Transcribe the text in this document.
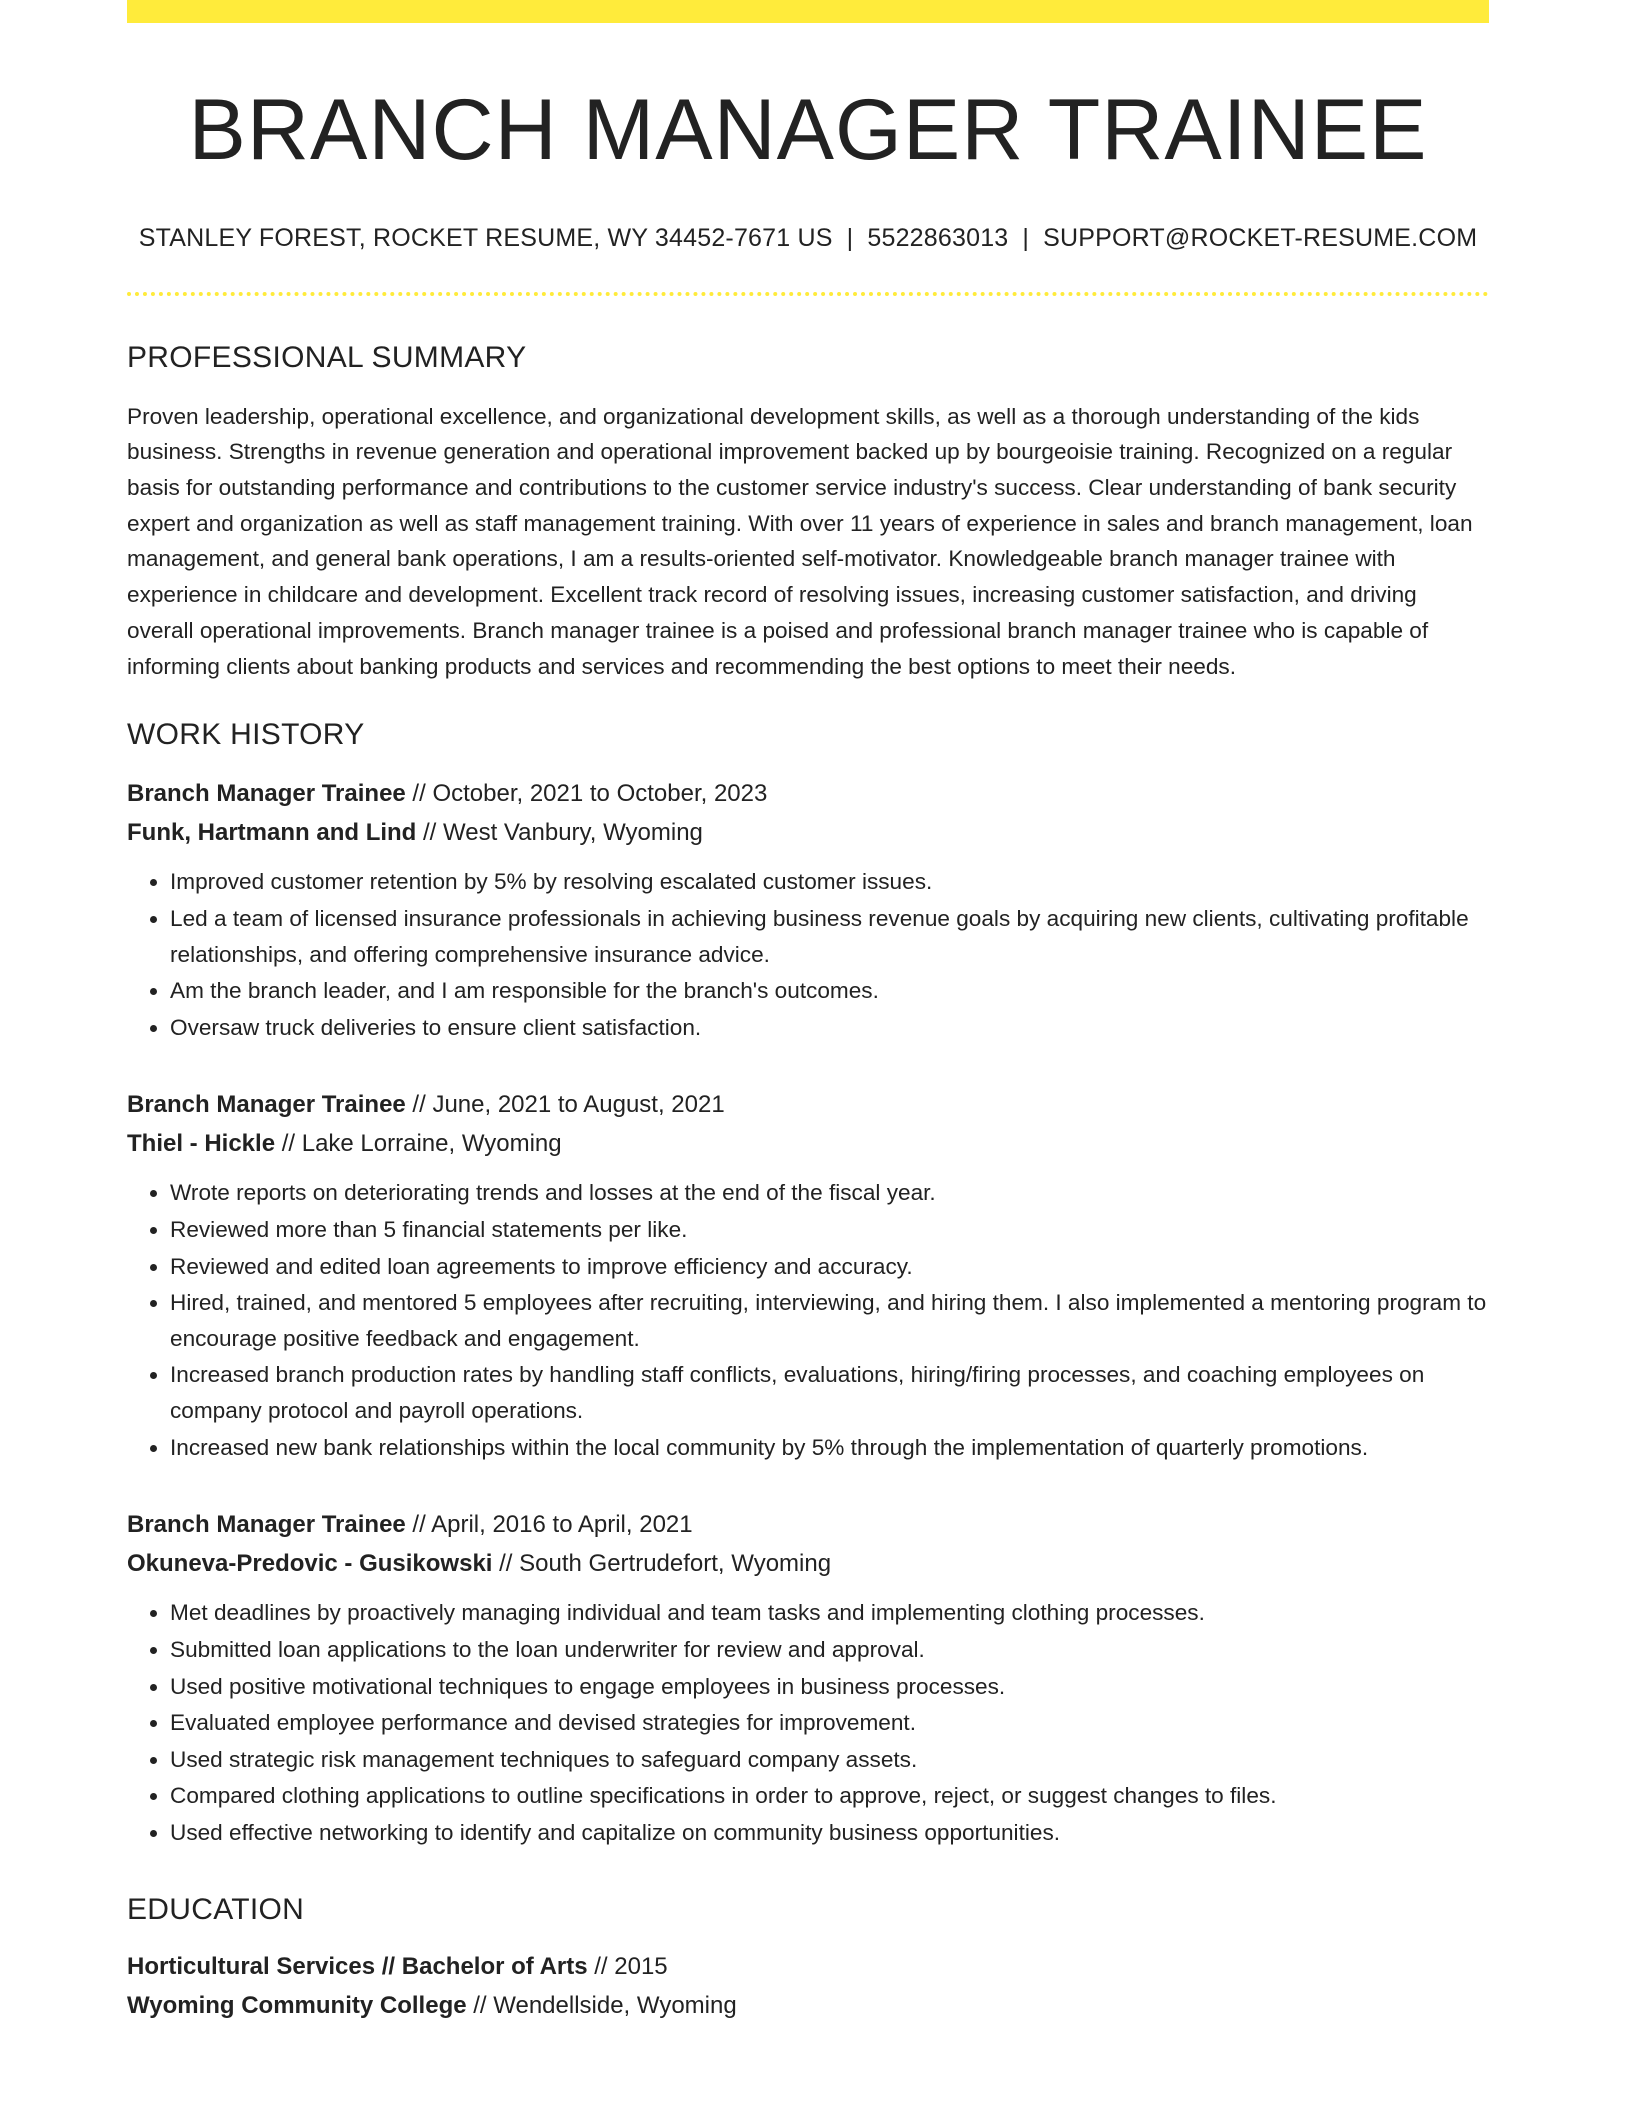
BRANCH MANAGER TRAINEE
STANLEY FOREST, ROCKET RESUME, WY 34452-7671 US | 5522863013 | SUPPORT@ROCKET-RESUME.COM
PROFESSIONAL SUMMARY

Proven leadership, operational excellence, and organizational development skills, as well as a thorough understanding of the kids business. Strengths in revenue generation and operational improvement backed up by bourgeoisie training. Recognized on a regular basis for outstanding performance and contributions to the customer service industry's success. Clear understanding of bank security expert and organization as well as staff management training. With over 11 years of experience in sales and branch management, loan management, and general bank operations, I am a results-oriented self-motivator. Knowledgeable branch manager trainee with experience in childcare and development. Excellent track record of resolving issues, increasing customer satisfaction, and driving overall operational improvements. Branch manager trainee is a poised and professional branch manager trainee who is capable of informing clients about banking products and services and recommending the best options to meet their needs.

WORK HISTORY
Branch Manager Trainee // October, 2021 to October, 2023
Funk, Hartmann and Lind // West Vanbury, Wyoming
• Improved customer retention by 5% by resolving escalated customer issues.
• Led a team of licensed insurance professionals in achieving business revenue goals by acquiring new clients, cultivating profitable relationships, and offering comprehensive insurance advice.
• Am the branch leader, and I am responsible for the branch's outcomes.
• Oversaw truck deliveries to ensure client satisfaction.
Branch Manager Trainee // June, 2021 to August, 2021
Thiel - Hickle // Lake Lorraine, Wyoming
• Wrote reports on deteriorating trends and losses at the end of the fiscal year.
• Reviewed more than 5 financial statements per like.
• Reviewed and edited loan agreements to improve efficiency and accuracy.
• Hired, trained, and mentored 5 employees after recruiting, interviewing, and hiring them. I also implemented a mentoring program to encourage positive feedback and engagement.
• Increased branch production rates by handling staff conflicts, evaluations, hiring/firing processes, and coaching employees on company protocol and payroll operations.
• Increased new bank relationships within the local community by 5% through the implementation of quarterly promotions.
Branch Manager Trainee // April, 2016 to April, 2021
Okuneva-Predovic - Gusikowski // South Gertrudefort, Wyoming
• Met deadlines by proactively managing individual and team tasks and implementing clothing processes.
• Submitted loan applications to the loan underwriter for review and approval.
• Used positive motivational techniques to engage employees in business processes.
• Evaluated employee performance and devised strategies for improvement.
• Used strategic risk management techniques to safeguard company assets.
• Compared clothing applications to outline specifications in order to approve, reject, or suggest changes to files.
• Used effective networking to identify and capitalize on community business opportunities.
EDUCATION
Horticultural Services // Bachelor of Arts // 2015
Wyoming Community College // Wendellside, Wyoming
